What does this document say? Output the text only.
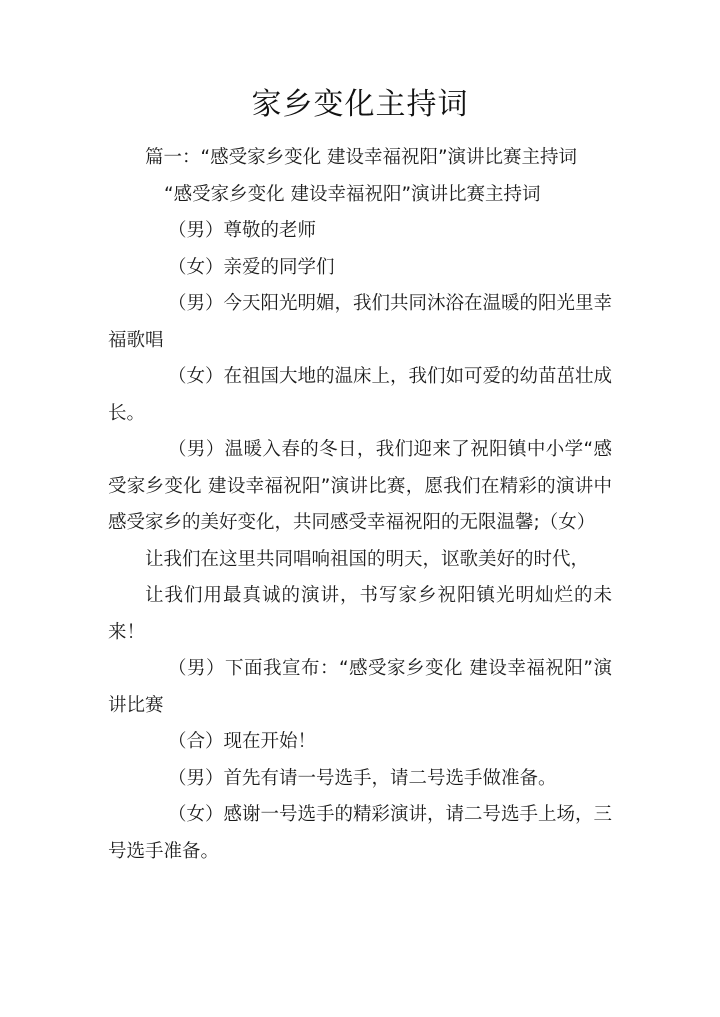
家乡变化主持词

篇一：“感受家乡变化 建设幸福祝阳”演讲比赛主持词

“感受家乡变化 建设幸福祝阳”演讲比赛主持词

（男）尊敬的老师

（女）亲爱的同学们

（男）今天阳光明媚，我们共同沐浴在温暖的阳光里幸福歌唱

（女）在祖国大地的温床上，我们如可爱的幼苗茁壮成长。

（男）温暖入春的冬日，我们迎来了祝阳镇中小学“感受家乡变化 建设幸福祝阳”演讲比赛，愿我们在精彩的演讲中感受家乡的美好变化，共同感受幸福祝阳的无限温馨;（女）

让我们在这里共同唱响祖国的明天，讴歌美好的时代，

让我们用最真诚的演讲，书写家乡祝阳镇光明灿烂的未来！

（男）下面我宣布：“感受家乡变化 建设幸福祝阳”演讲比赛

（合）现在开始！

（男）首先有请一号选手，请二号选手做准备。

（女）感谢一号选手的精彩演讲，请二号选手上场，三号选手准备。
